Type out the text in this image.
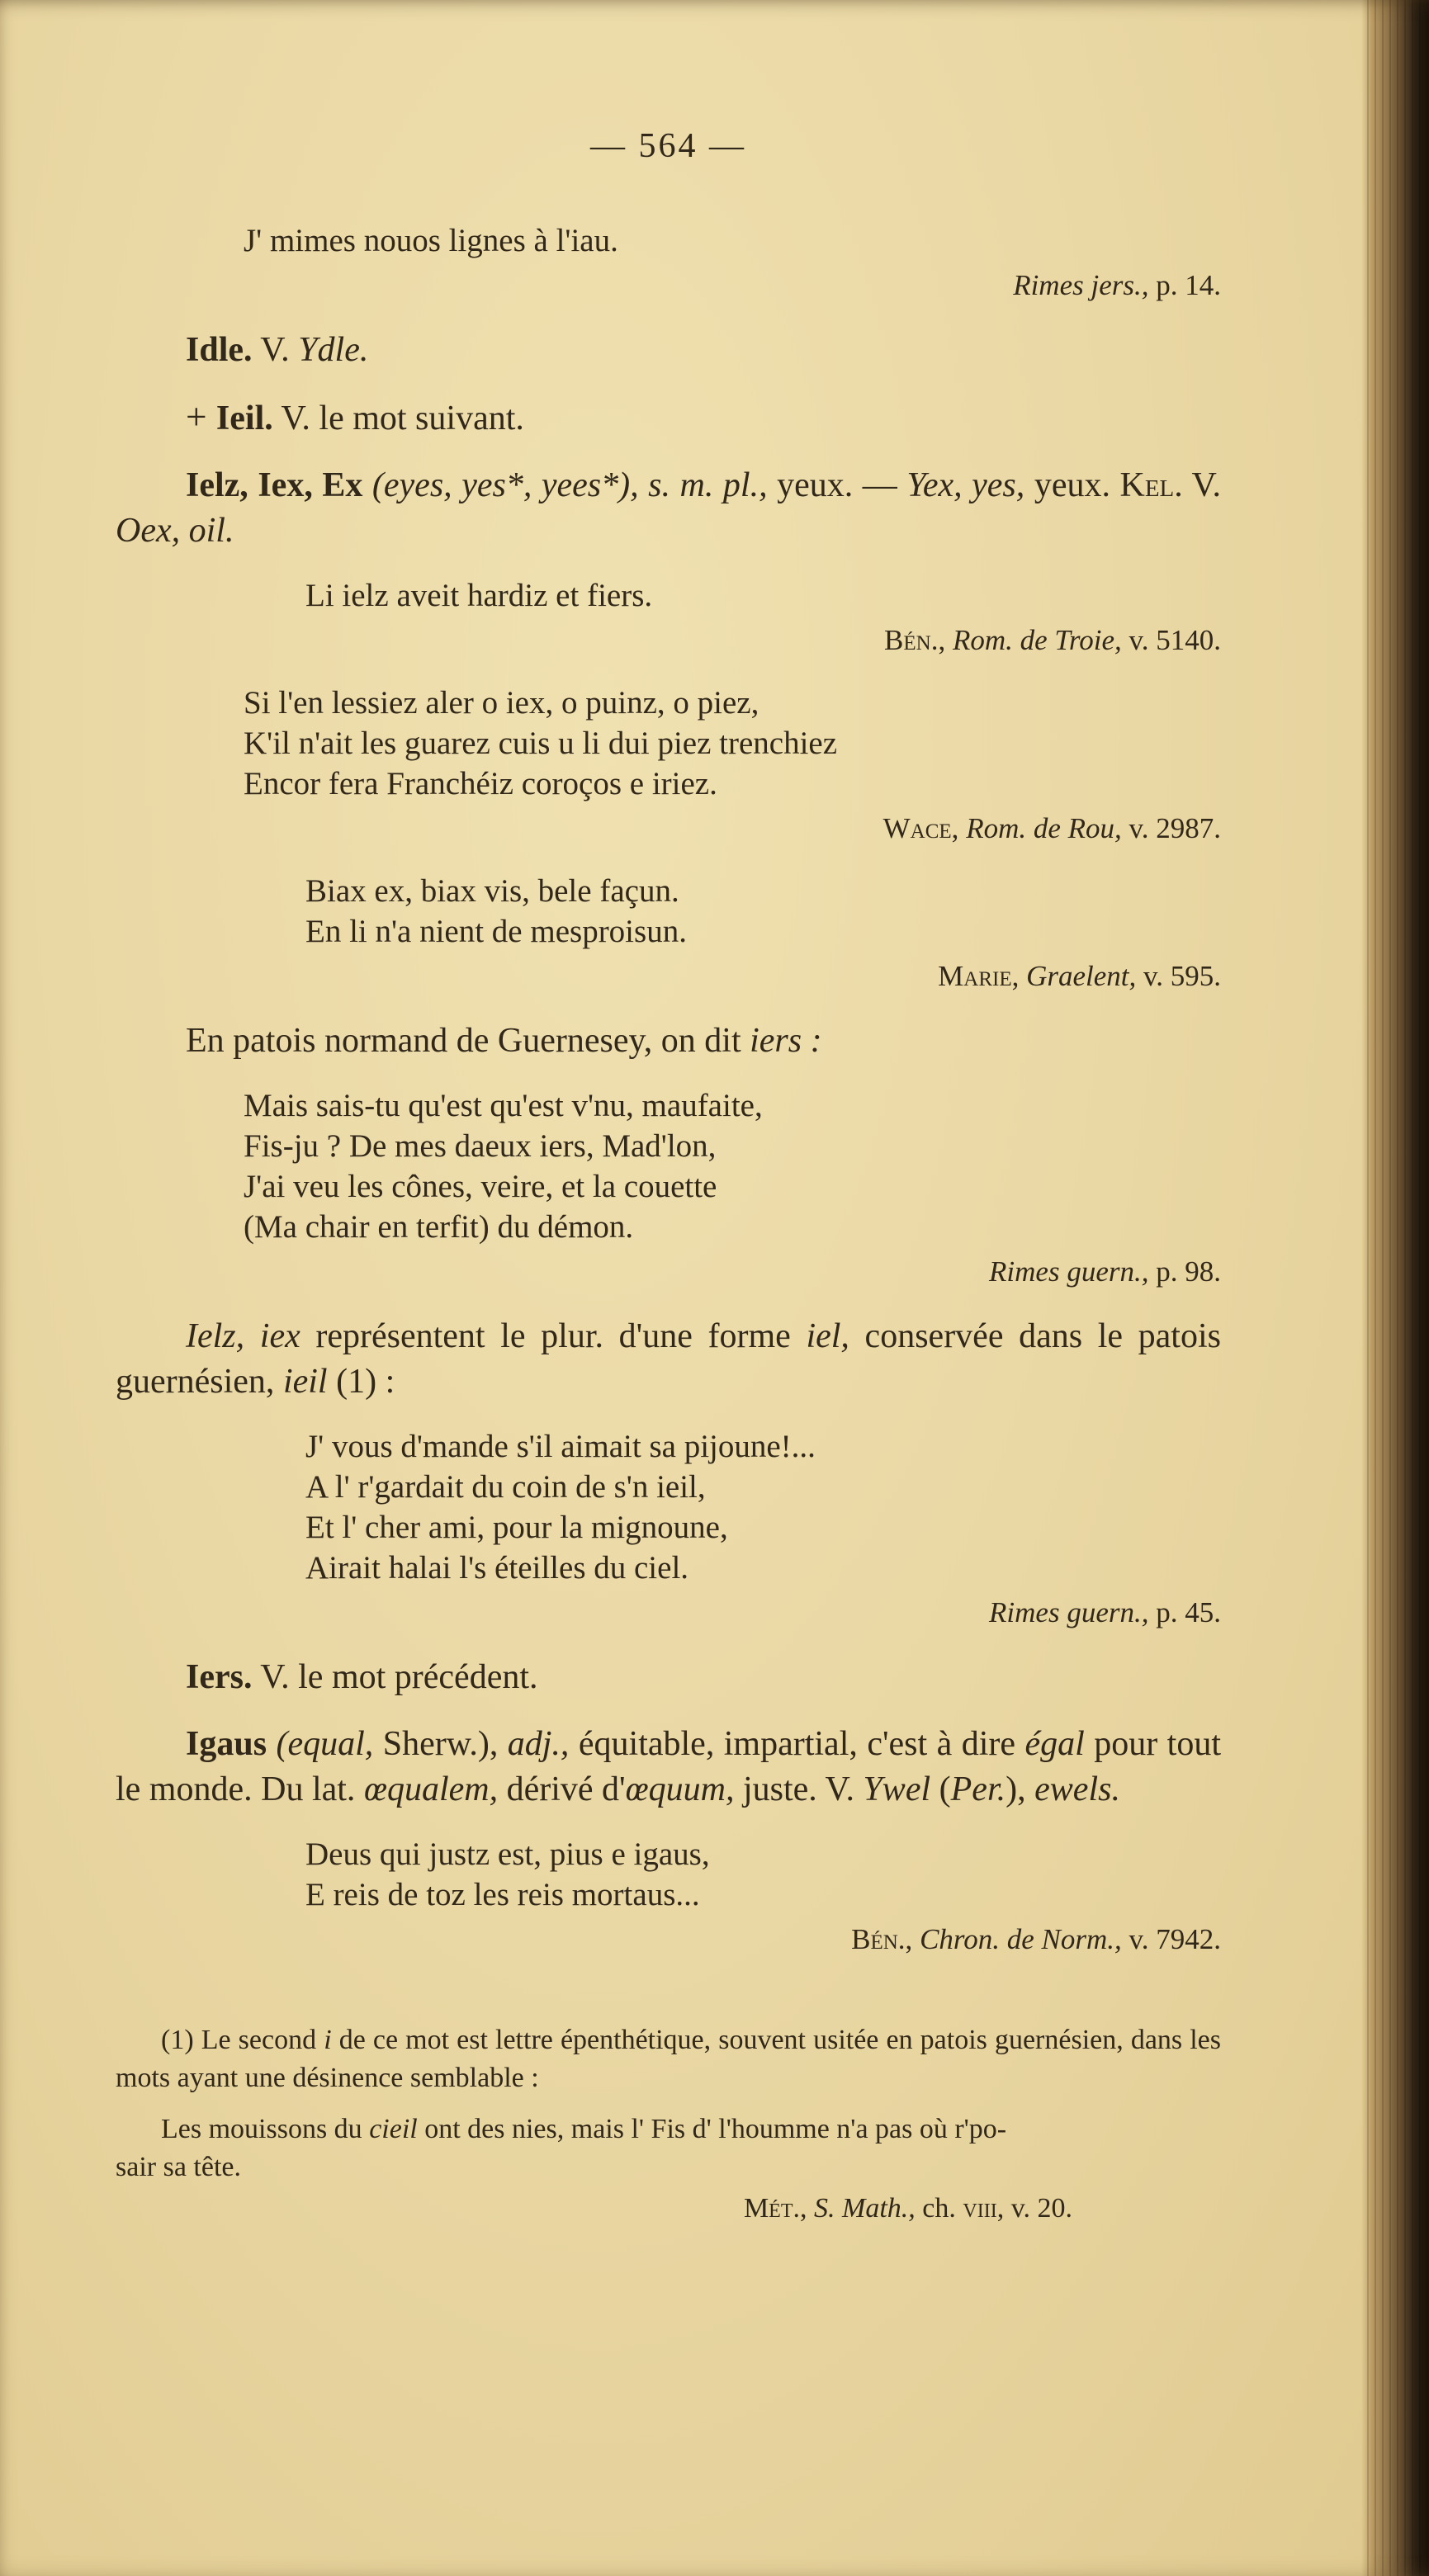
— 564 —
J' mimes nouos lignes à l'iau.
Rimes jers., p. 14.

Idle. V. Ydle.

+ Ieil. V. le mot suivant.

Ielz, Iex, Ex (eyes, yes*, yees*), s. m. pl., yeux. — Yex, yes, yeux. Kel. V. Oex, oil.

Li ielz aveit hardiz et fiers.
Bén., Rom. de Troie, v. 5140.
Si l'en lessiez aler o iex, o puinz, o piez,
K'il n'ait les guarez cuis u li dui piez trenchiez
Encor fera Franchéiz coroços e iriez.
Wace, Rom. de Rou, v. 2987.
Biax ex, biax vis, bele façun.
En li n'a nient de mesproisun.
Marie, Graelent, v. 595.

En patois normand de Guernesey, on dit iers :

Mais sais-tu qu'est qu'est v'nu, maufaite,
Fis-ju ? De mes daeux iers, Mad'lon,
J'ai veu les cônes, veire, et la couette
(Ma chair en terfit) du démon.
Rimes guern., p. 98.

Ielz, iex représentent le plur. d'une forme iel, conservée dans le patois guernésien, ieil (1) :

J' vous d'mande s'il aimait sa pijoune!...
A l' r'gardait du coin de s'n ieil,
Et l' cher ami, pour la mignoune,
Airait halai l's éteilles du ciel.
Rimes guern., p. 45.

Iers. V. le mot précédent.

Igaus (equal, Sherw.), adj., équitable, impartial, c'est à dire égal pour tout le monde. Du lat. œqualem, dérivé d'œquum, juste. V. Ywel (Per.), ewels.

Deus qui justz est, pius e igaus,
E reis de toz les reis mortaus...
Bén., Chron. de Norm., v. 7942.

(1) Le second i de ce mot est lettre épenthétique, souvent usitée en patois guernésien, dans les mots ayant une désinence semblable :

Les mouissons du cieil ont des nies, mais l' Fis d' l'houmme n'a pas où r'po-
sair sa tête.

Mét., S. Math., ch. viii, v. 20.
